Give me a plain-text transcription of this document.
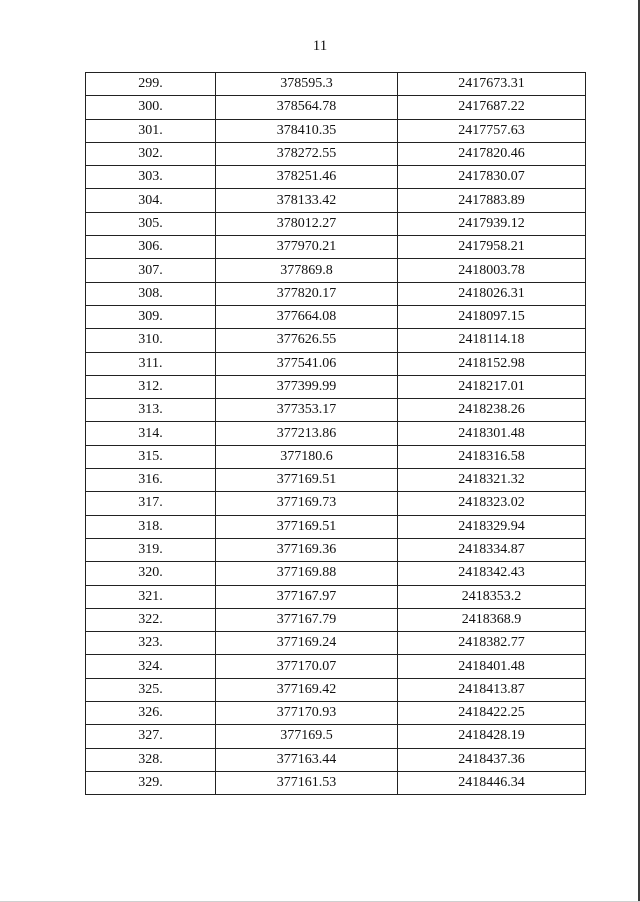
11
299.	378595.3	2417673.31
300.	378564.78	2417687.22
301.	378410.35	2417757.63
302.	378272.55	2417820.46
303.	378251.46	2417830.07
304.	378133.42	2417883.89
305.	378012.27	2417939.12
306.	377970.21	2417958.21
307.	377869.8	2418003.78
308.	377820.17	2418026.31
309.	377664.08	2418097.15
310.	377626.55	2418114.18
311.	377541.06	2418152.98
312.	377399.99	2418217.01
313.	377353.17	2418238.26
314.	377213.86	2418301.48
315.	377180.6	2418316.58
316.	377169.51	2418321.32
317.	377169.73	2418323.02
318.	377169.51	2418329.94
319.	377169.36	2418334.87
320.	377169.88	2418342.43
321.	377167.97	2418353.2
322.	377167.79	2418368.9
323.	377169.24	2418382.77
324.	377170.07	2418401.48
325.	377169.42	2418413.87
326.	377170.93	2418422.25
327.	377169.5	2418428.19
328.	377163.44	2418437.36
329.	377161.53	2418446.34
